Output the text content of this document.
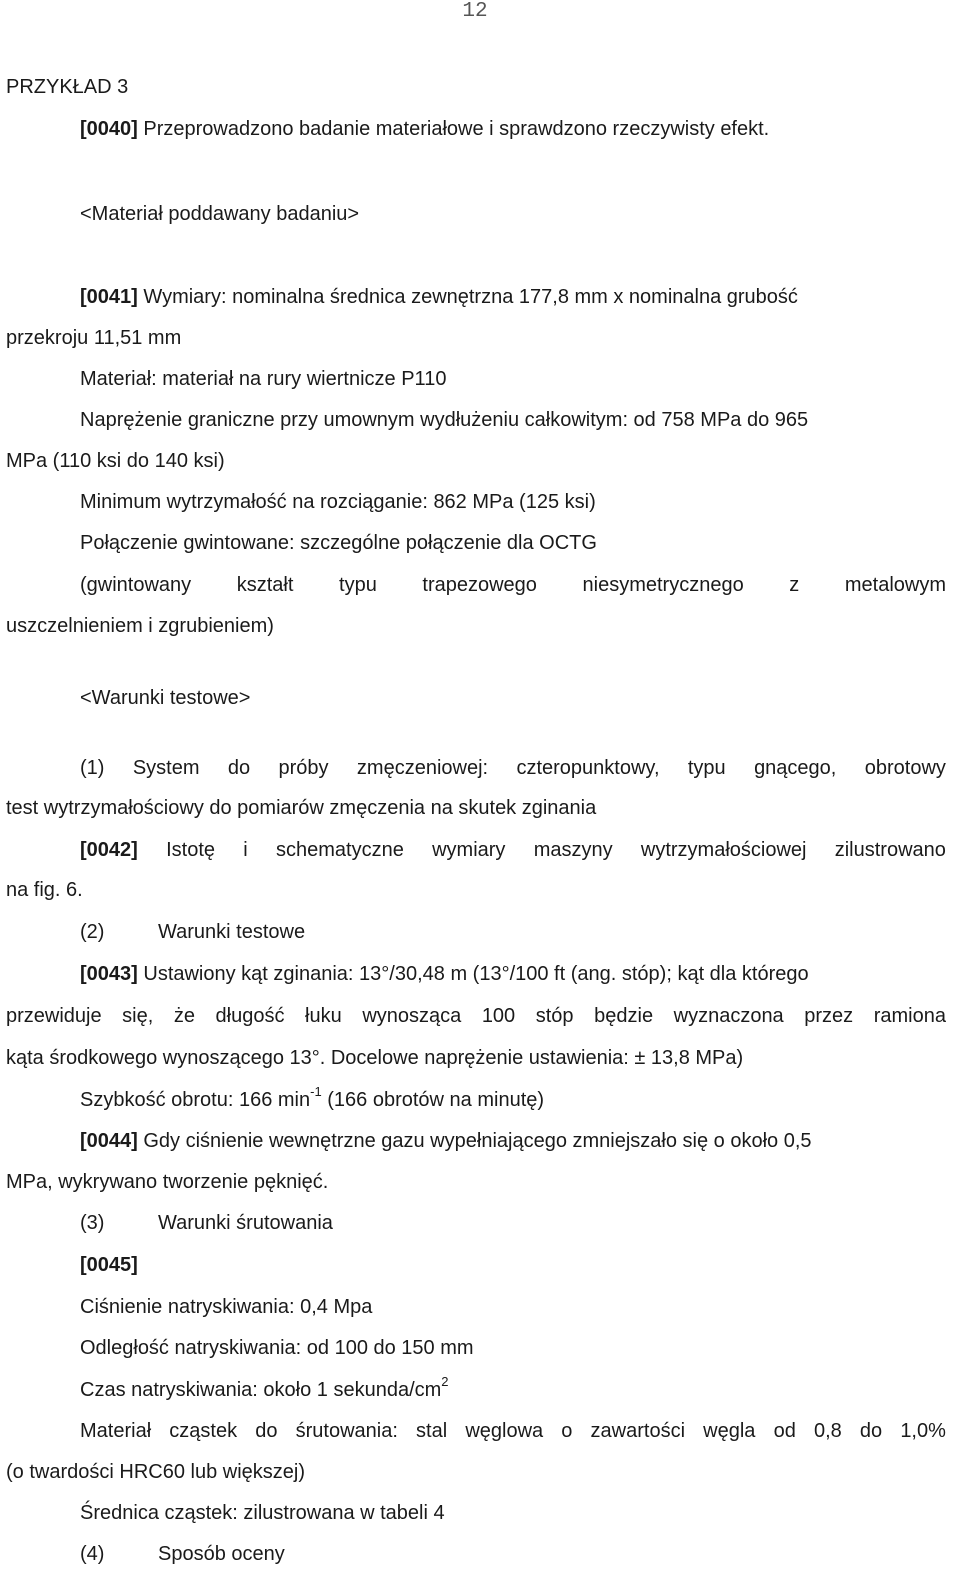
12
PRZYKŁAD 3
[0040] Przeprowadzono badanie materiałowe i sprawdzono rzeczywisty efekt.
<Materiał poddawany badaniu>
[0041] Wymiary: nominalna średnica zewnętrzna 177,8 mm x nominalna grubość
przekroju 11,51 mm
Materiał: materiał na rury wiertnicze P110
Naprężenie graniczne przy umownym wydłużeniu całkowitym: od 758 MPa do 965
MPa (110 ksi do 140 ksi)
Minimum wytrzymałość na rozciąganie: 862 MPa (125 ksi)
Połączenie gwintowane: szczególne połączenie dla OCTG
(gwintowany kształt typu trapezowego niesymetrycznego z metalowym
uszczelnieniem i zgrubieniem)
<Warunki testowe>
(1) System do próby zmęczeniowej: czteropunktowy, typu gnącego, obrotowy
test wytrzymałościowy do pomiarów zmęczenia na skutek zginania
[0042] Istotę i schematyczne wymiary maszyny wytrzymałościowej zilustrowano
na fig. 6.
(2)	Warunki testowe
[0043] Ustawiony kąt zginania: 13°/30,48 m (13°/100 ft (ang. stóp); kąt dla którego
przewiduje się, że długość łuku wynosząca 100 stóp będzie wyznaczona przez ramiona
kąta środkowego wynoszącego 13°. Docelowe naprężenie ustawienia: ± 13,8 MPa)
Szybkość obrotu: 166 $\min^{-1} (166$ obrotów na minutę)
[0044] Gdy ciśnienie wewnętrzne gazu wypełniającego zmniejszało się o około 0,5
MPa, wykrywano tworzenie pęknięć.
(3)	Warunki śrutowania
[0045]
Ciśnienie natryskiwania: 0,4 Mpa
Odległość natryskiwania: od 100 do 150 mm
Czas natryskiwania: około 1 sekunda/$cm^2$
Materiał cząstek do śrutowania: stal węglowa o zawartości węgla od 0,8 do 1,0%
(o twardości HRC60 lub większej)
Średnica cząstek: zilustrowana w tabeli 4
(4)	Sposób oceny
